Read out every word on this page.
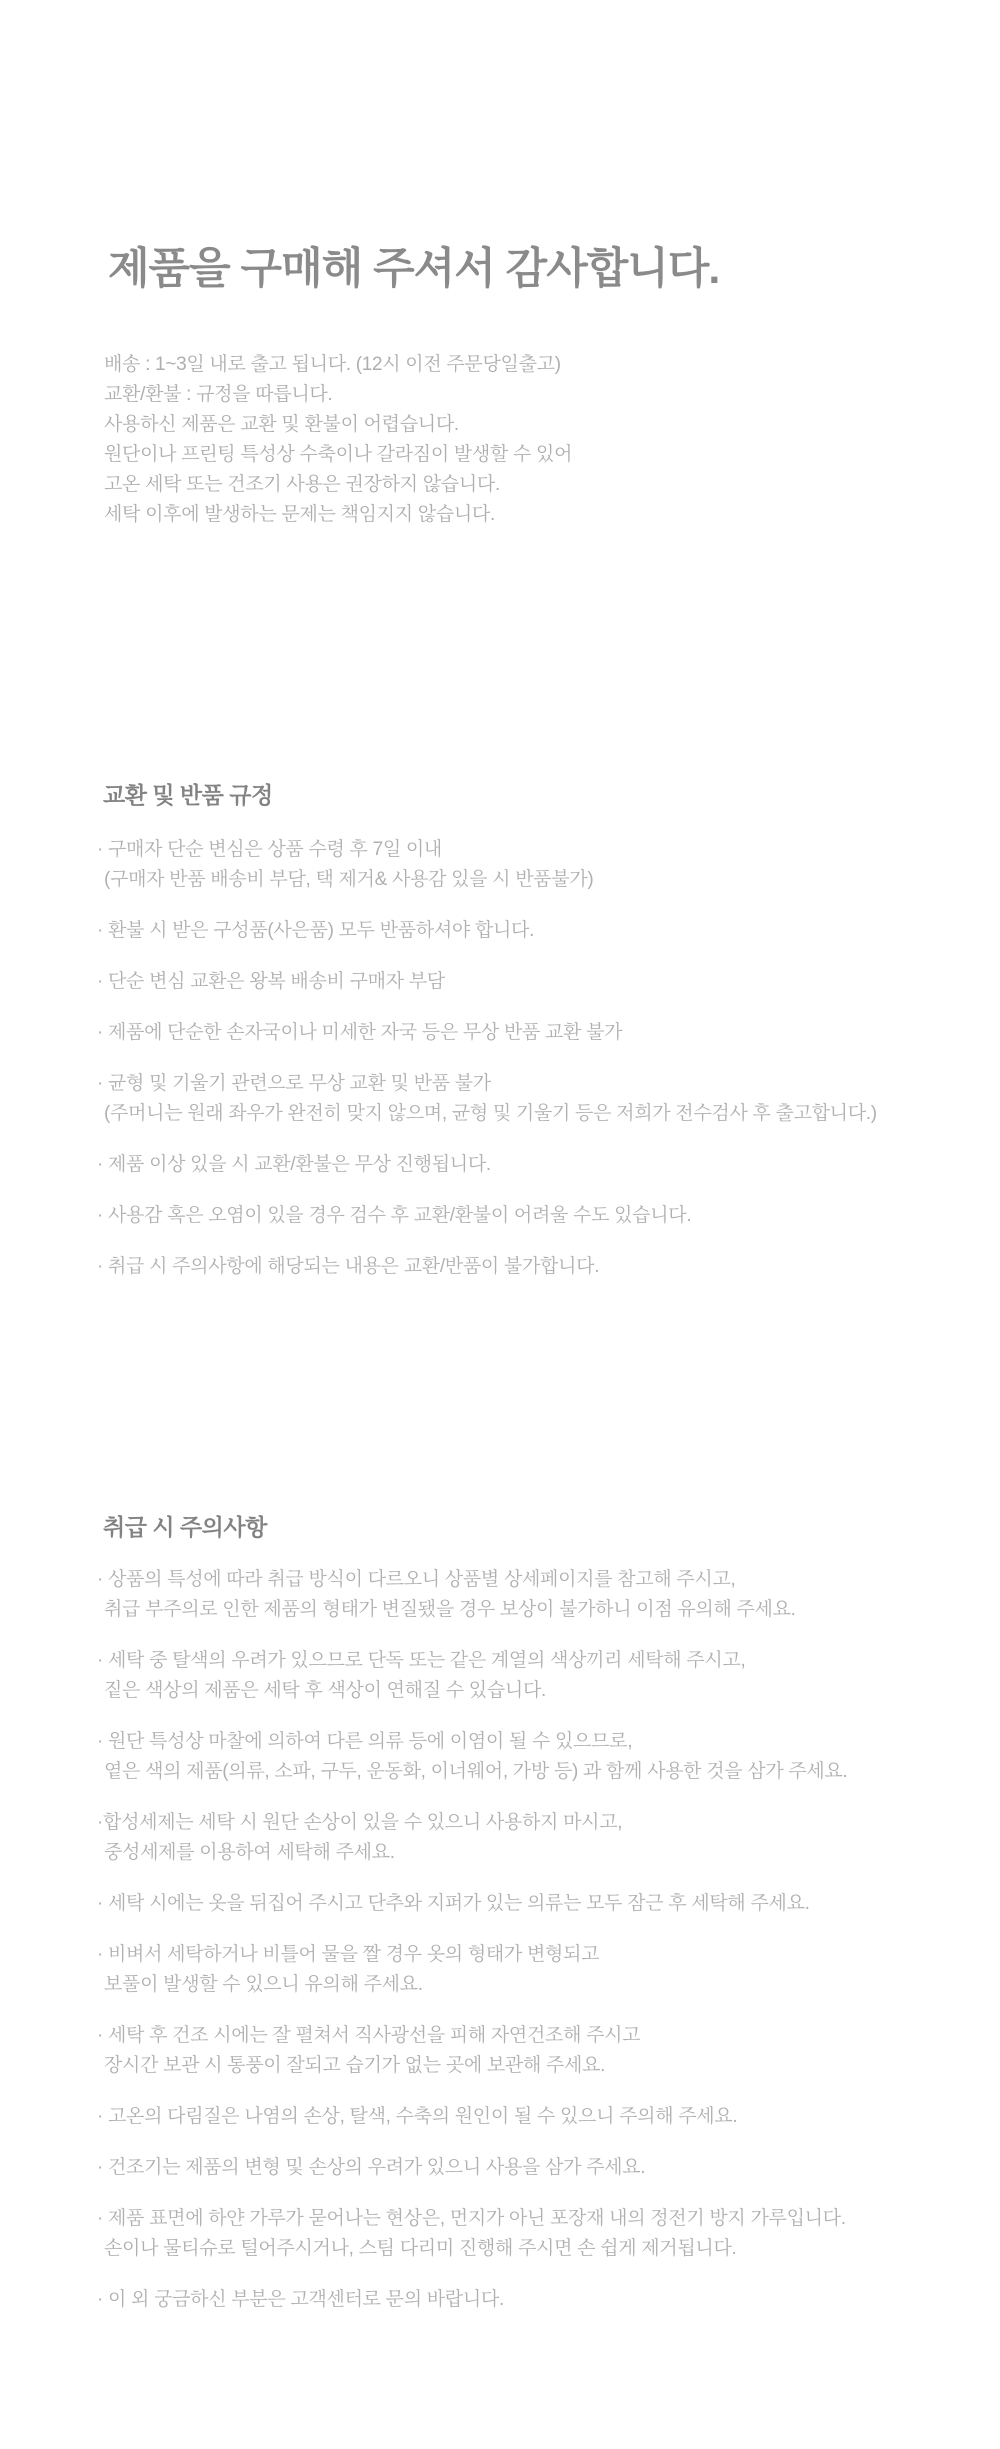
제품을 구매해 주셔서 감사합니다.
배송 : 1~3일 내로 출고 됩니다. (12시 이전 주문당일출고)
교환/환불 : 규정을 따릅니다.
사용하신 제품은 교환 및 환불이 어렵습니다.
원단이나 프린팅 특성상 수축이나 갈라짐이 발생할 수 있어
고온 세탁 또는 건조기 사용은 권장하지 않습니다.
세탁 이후에 발생하는 문제는 책임지지 않습니다.
교환 및 반품 규정
· 구매자 단순 변심은 상품 수령 후 7일 이내
(구매자 반품 배송비 부담, 택 제거& 사용감 있을 시 반품불가)
· 환불 시 받은 구성품(사은품) 모두 반품하셔야 합니다.
· 단순 변심 교환은 왕복 배송비 구매자 부담
· 제품에 단순한 손자국이나 미세한 자국 등은 무상 반품 교환 불가
· 균형 및 기울기 관련으로 무상 교환 및 반품 불가
(주머니는 원래 좌우가 완전히 맞지 않으며, 균형 및 기울기 등은 저희가 전수검사 후 출고합니다.)
· 제품 이상 있을 시 교환/환불은 무상 진행됩니다.
· 사용감 혹은 오염이 있을 경우 검수 후 교환/환불이 어려울 수도 있습니다.
· 취급 시 주의사항에 해당되는 내용은 교환/반품이 불가합니다.
취급 시 주의사항
· 상품의 특성에 따라 취급 방식이 다르오니 상품별 상세페이지를 참고해 주시고,
취급 부주의로 인한 제품의 형태가 변질됐을 경우 보상이 불가하니 이점 유의해 주세요.
· 세탁 중 탈색의 우려가 있으므로 단독 또는 같은 계열의 색상끼리 세탁해 주시고,
짙은 색상의 제품은 세탁 후 색상이 연해질 수 있습니다.
· 원단 특성상 마찰에 의하여 다른 의류 등에 이염이 될 수 있으므로,
옅은 색의 제품(의류, 소파, 구두, 운동화, 이너웨어, 가방 등) 과 함께 사용한 것을 삼가 주세요.
·합성세제는 세탁 시 원단 손상이 있을 수 있으니 사용하지 마시고,
중성세제를 이용하여 세탁해 주세요.
· 세탁 시에는 옷을 뒤집어 주시고 단추와 지퍼가 있는 의류는 모두 잠근 후 세탁해 주세요.
· 비벼서 세탁하거나 비틀어 물을 짤 경우 옷의 형태가 변형되고
보풀이 발생할 수 있으니 유의해 주세요.
· 세탁 후 건조 시에는 잘 펼쳐서 직사광선을 피해 자연건조해 주시고
장시간 보관 시 통풍이 잘되고 습기가 없는 곳에 보관해 주세요.
· 고온의 다림질은 나염의 손상, 탈색, 수축의 원인이 될 수 있으니 주의해 주세요.
· 건조기는 제품의 변형 및 손상의 우려가 있으니 사용을 삼가 주세요.
· 제품 표면에 하얀 가루가 묻어나는 현상은, 먼지가 아닌 포장재 내의 정전기 방지 가루입니다.
손이나 물티슈로 털어주시거나, 스팀 다리미 진행해 주시면 손 쉽게 제거됩니다.
· 이 외 궁금하신 부분은 고객센터로 문의 바랍니다.
